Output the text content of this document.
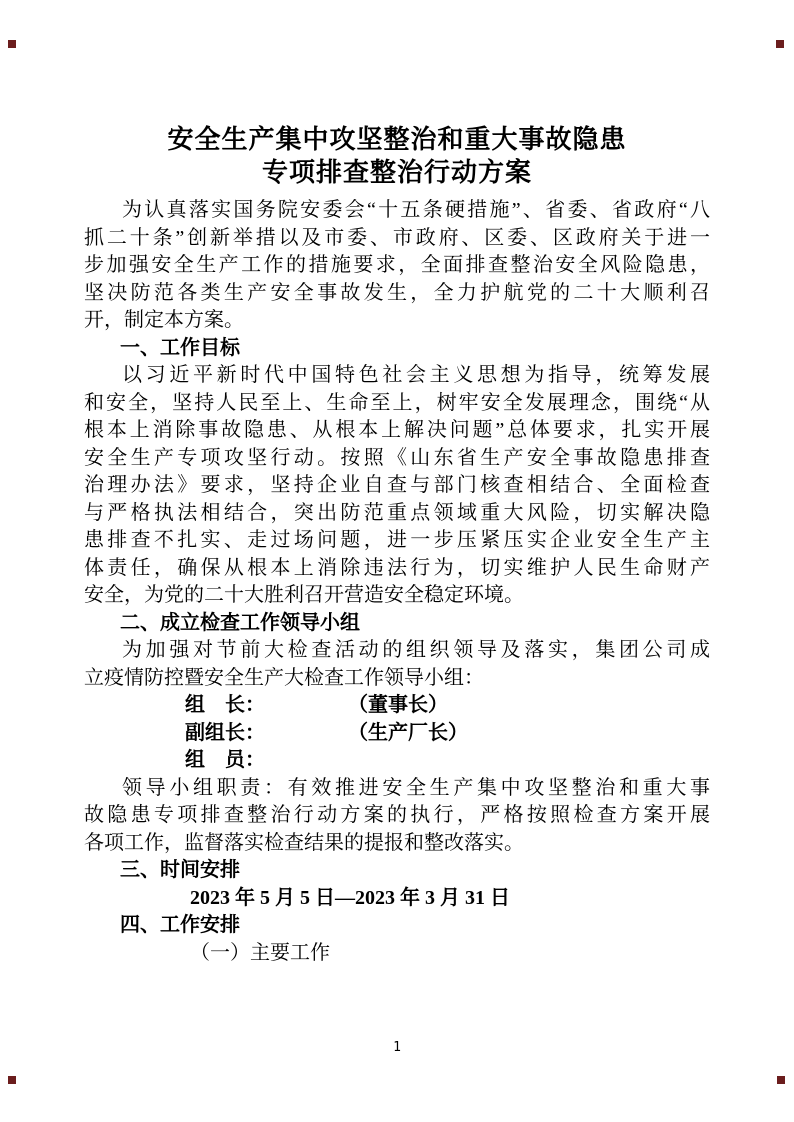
安全生产集中攻坚整治和重大事故隐患
专项排查整治行动方案
为认真落实国务院安委会“十五条硬措施”、省委、省政府“八
抓二十条”创新举措以及市委、市政府、区委、区政府关于进一
步加强安全生产工作的措施要求，全面排查整治安全风险隐患，
坚决防范各类生产安全事故发生，全力护航党的二十大顺利召
开，制定本方案。
一、工作目标
以习近平新时代中国特色社会主义思想为指导，统筹发展
和安全，坚持人民至上、生命至上，树牢安全发展理念，围绕“从
根本上消除事故隐患、从根本上解决问题”总体要求，扎实开展
安全生产专项攻坚行动。按照《山东省生产安全事故隐患排查
治理办法》要求，坚持企业自查与部门核查相结合、全面检查
与严格执法相结合，突出防范重点领域重大风险，切实解决隐
患排查不扎实、走过场问题，进一步压紧压实企业安全生产主
体责任，确保从根本上消除违法行为，切实维护人民生命财产
安全，为党的二十大胜利召开营造安全稳定环境。
二、成立检查工作领导小组
为加强对节前大检查活动的组织领导及落实，集团公司成
立疫情防控暨安全生产大检查工作领导小组：
组　长：	（董事长）
副组长：	（生产厂长）
组　员：
领导小组职责：有效推进安全生产集中攻坚整治和重大事
故隐患专项排查整治行动方案的执行，严格按照检查方案开展
各项工作，监督落实检查结果的提报和整改落实。
三、时间安排
2023 年 5 月 5 日—2023 年 3 月 31 日
四、工作安排
（一）主要工作
1
